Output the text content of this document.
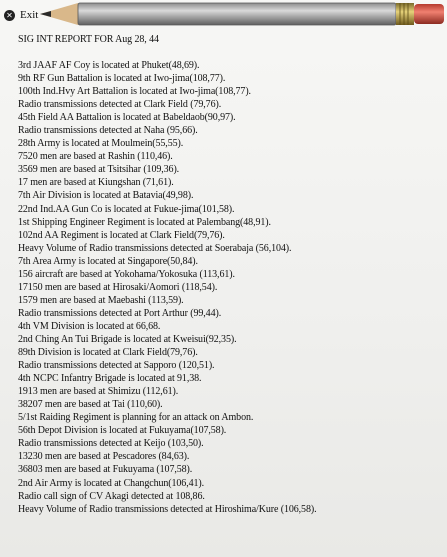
✕ Exit
SIG INT REPORT FOR Aug 28, 44
3rd JAAF AF Coy is located at Phuket(48,69).
9th RF Gun Battalion is located at Iwo-jima(108,77).
100th Ind.Hvy Art Battalion is located at Iwo-jima(108,77).
Radio transmissions detected at Clark Field (79,76).
45th Field AA Battalion is located at Babeldaob(90,97).
Radio transmissions detected at Naha (95,66).
28th Army is located at Moulmein(55,55).
7520 men are based at Rashin (110,46).
3569 men are based at Tsitsihar (109,36).
17 men are based at Kiungshan (71,61).
7th Air Division is located at Batavia(49,98).
22nd Ind.AA Gun Co is located at Fukue-jima(101,58).
1st Shipping Engineer Regiment is located at Palembang(48,91).
102nd AA Regiment is located at Clark Field(79,76).
Heavy Volume of Radio transmissions detected at Soerabaja (56,104).
7th Area Army is located at Singapore(50,84).
156 aircraft are based at Yokohama/Yokosuka (113,61).
17150 men are based at Hirosaki/Aomori (118,54).
1579 men are based at Maebashi (113,59).
Radio transmissions detected at Port Arthur (99,44).
4th VM Division is located at 66,68.
2nd Ching An Tui Brigade is located at Kweisui(92,35).
89th Division is located at Clark Field(79,76).
Radio transmissions detected at Sapporo (120,51).
4th NCPC Infantry Brigade is located at 91,38.
1913 men are based at Shimizu (112,61).
38207 men are based at Tai (110,60).
5/1st Raiding Regiment is planning for an attack on Ambon.
56th Depot Division is located at Fukuyama(107,58).
Radio transmissions detected at Keijo (103,50).
13230 men are based at Pescadores (84,63).
36803 men are based at Fukuyama (107,58).
2nd Air Army is located at Changchun(106,41).
Radio call sign of CV Akagi detected at 108,86.
Heavy Volume of Radio transmissions detected at Hiroshima/Kure (106,58).
